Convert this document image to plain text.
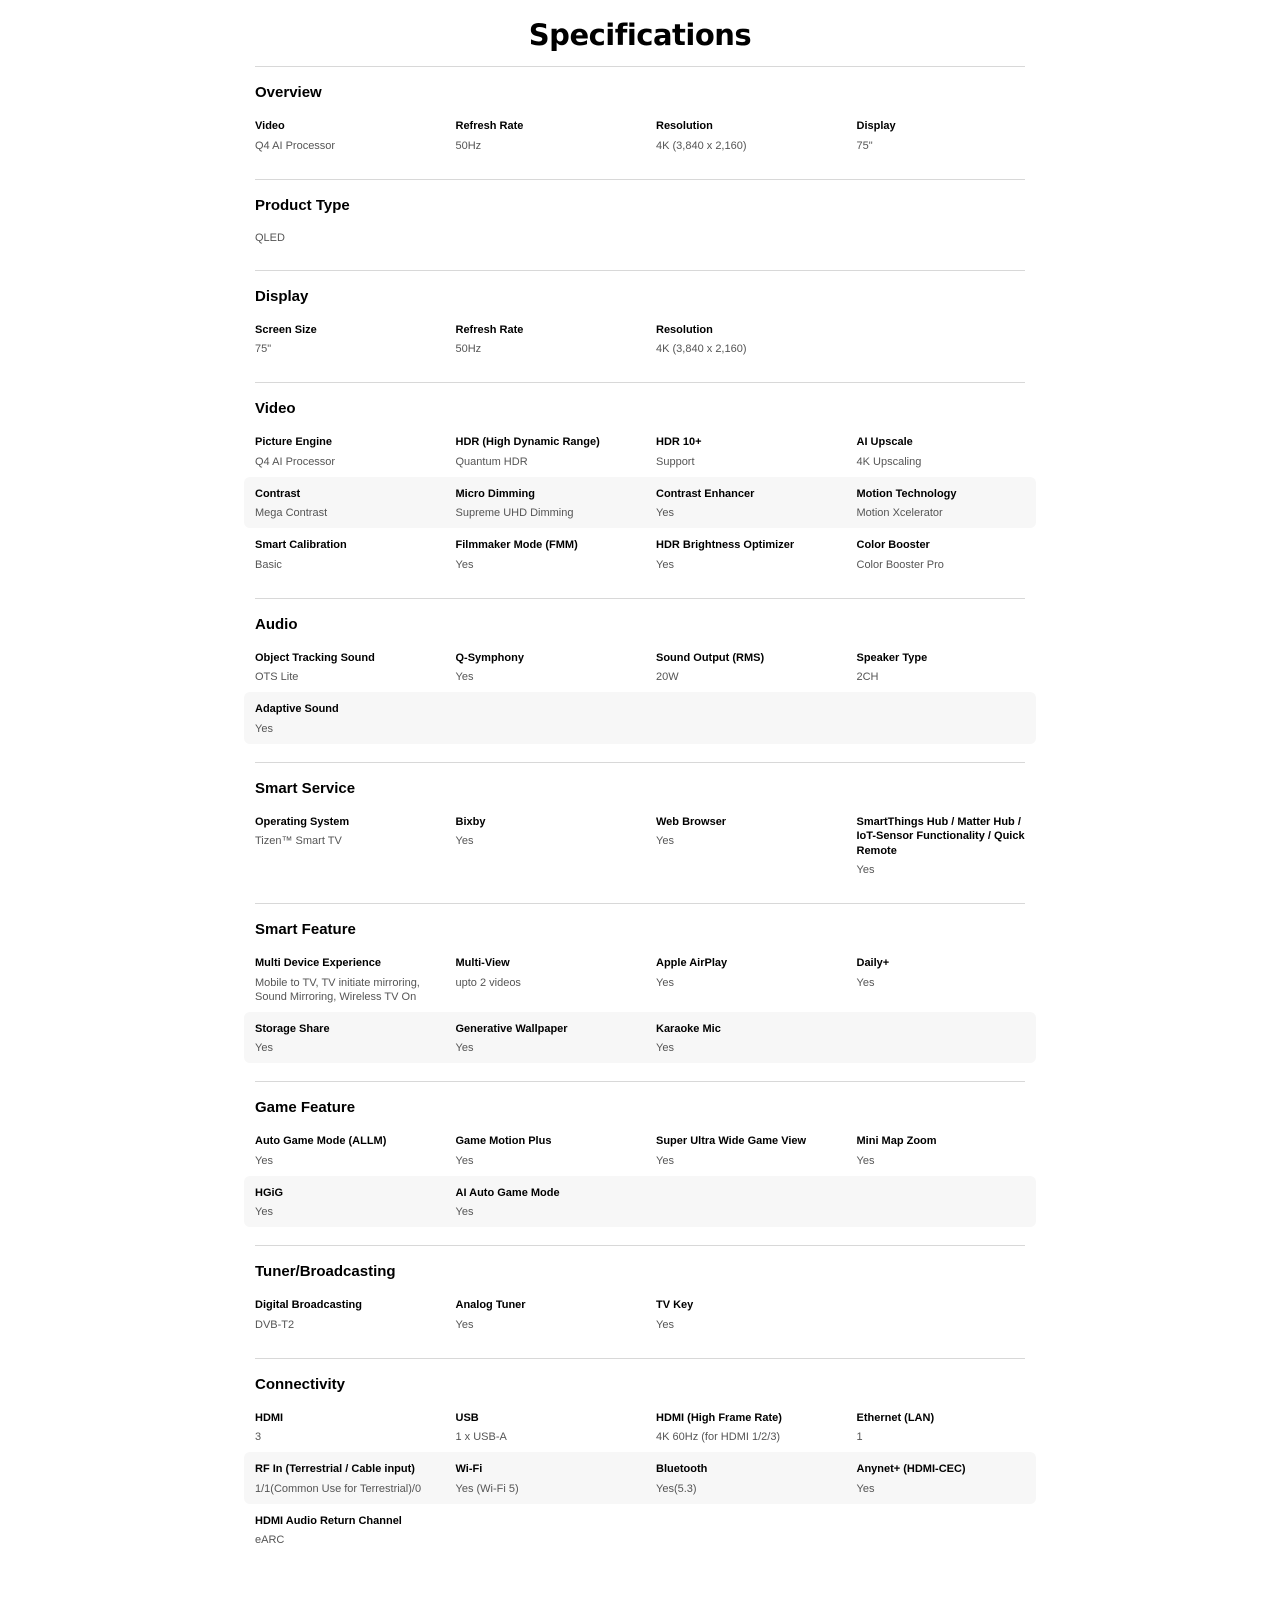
Specifications
Overview
Video
Q4 AI Processor
Refresh Rate
50Hz
Resolution
4K (3,840 x 2,160)
Display
75"
Product Type
QLED
Display
Screen Size
75"
Refresh Rate
50Hz
Resolution
4K (3,840 x 2,160)
Video
Picture Engine
Q4 AI Processor
HDR (High Dynamic Range)
Quantum HDR
HDR 10+
Support
AI Upscale
4K Upscaling
Contrast
Mega Contrast
Micro Dimming
Supreme UHD Dimming
Contrast Enhancer
Yes
Motion Technology
Motion Xcelerator
Smart Calibration
Basic
Filmmaker Mode (FMM)
Yes
HDR Brightness Optimizer
Yes
Color Booster
Color Booster Pro
Audio
Object Tracking Sound
OTS Lite
Q-Symphony
Yes
Sound Output (RMS)
20W
Speaker Type
2CH
Adaptive Sound
Yes
Smart Service
Operating System
Tizen™ Smart TV
Bixby
Yes
Web Browser
Yes
SmartThings Hub / Matter Hub / IoT-Sensor Functionality / Quick Remote
Yes
Smart Feature
Multi Device Experience
Mobile to TV, TV initiate mirroring, Sound Mirroring, Wireless TV On
Multi-View
upto 2 videos
Apple AirPlay
Yes
Daily+
Yes
Storage Share
Yes
Generative Wallpaper
Yes
Karaoke Mic
Yes
Game Feature
Auto Game Mode (ALLM)
Yes
Game Motion Plus
Yes
Super Ultra Wide Game View
Yes
Mini Map Zoom
Yes
HGiG
Yes
AI Auto Game Mode
Yes
Tuner/Broadcasting
Digital Broadcasting
DVB-T2
Analog Tuner
Yes
TV Key
Yes
Connectivity
HDMI
3
USB
1 x USB-A
HDMI (High Frame Rate)
4K 60Hz (for HDMI 1/2/3)
Ethernet (LAN)
1
RF In (Terrestrial / Cable input)
1/1(Common Use for Terrestrial)/0
Wi-Fi
Yes (Wi-Fi 5)
Bluetooth
Yes(5.3)
Anynet+ (HDMI-CEC)
Yes
HDMI Audio Return Channel
eARC
